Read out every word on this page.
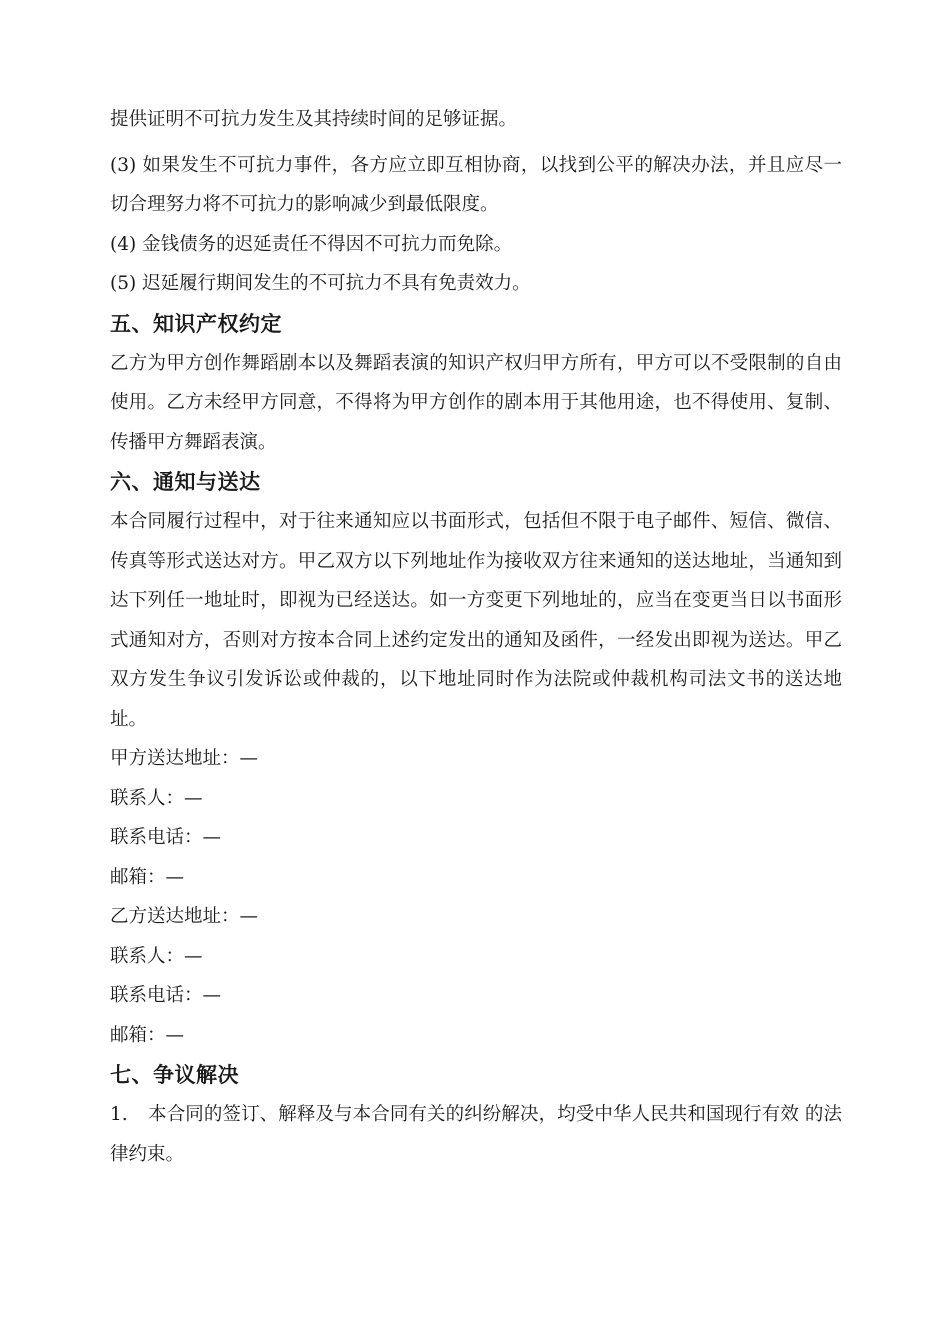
提供证明不可抗力发生及其持续时间的足够证据。

(3) 如果发生不可抗力事件，各方应立即互相协商，以找到公平的解决办法，并且应尽一切合理努力将不可抗力的影响减少到最低限度。

(4) 金钱债务的迟延责任不得因不可抗力而免除。

(5) 迟延履行期间发生的不可抗力不具有免责效力。

五、知识产权约定

乙方为甲方创作舞蹈剧本以及舞蹈表演的知识产权归甲方所有，甲方可以不受限制的自由使用。乙方未经甲方同意，不得将为甲方创作的剧本用于其他用途，也不得使用、复制、传播甲方舞蹈表演。

六、通知与送达

本合同履行过程中，对于往来通知应以书面形式，包括但不限于电子邮件、短信、微信、传真等形式送达对方。甲乙双方以下列地址作为接收双方往来通知的送达地址，当通知到达下列任一地址时，即视为已经送达。如一方变更下列地址的，应当在变更当日以书面形式通知对方，否则对方按本合同上述约定发出的通知及函件，一经发出即视为送达。甲乙双方发生争议引发诉讼或仲裁的，以下地址同时作为法院或仲裁机构司法文书的送达地址。

甲方送达地址：—

联系人：—

联系电话：—

邮箱：—

乙方送达地址：—

联系人：—

联系电话：—

邮箱：—

七、争议解决

1. 本合同的签订、解释及与本合同有关的纠纷解决，均受中华人民共和国现行有效 的法律约束。
